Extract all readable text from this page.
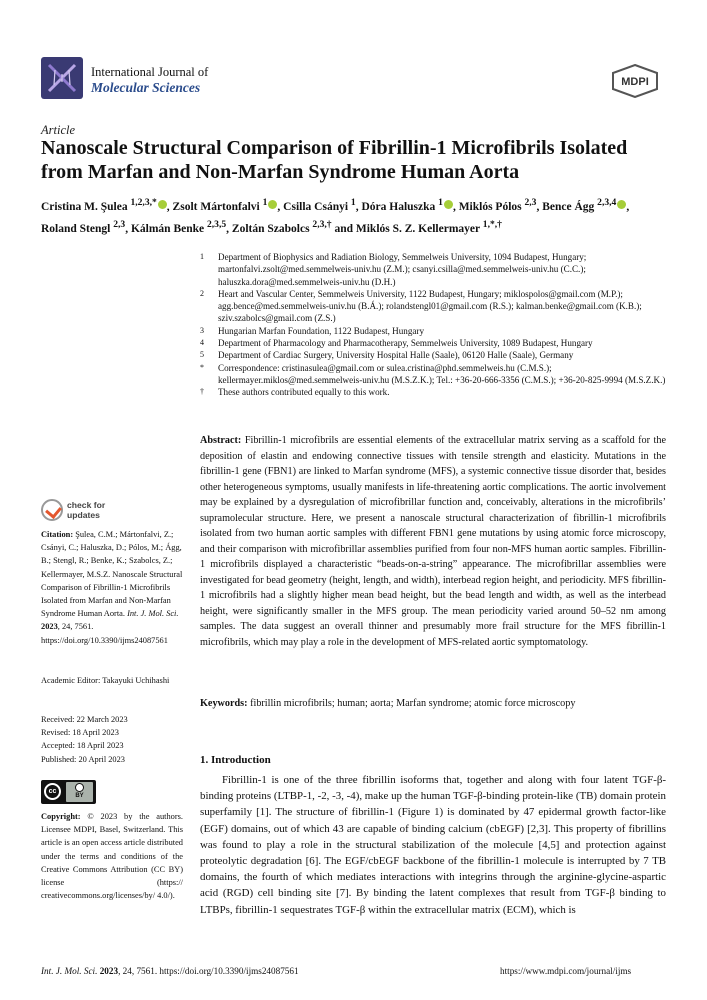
International Journal of
Molecular Sciences	MDPI
Article
Nanoscale Structural Comparison of Fibrillin-1 Microfibrils Isolated from Marfan and Non-Marfan Syndrome Human Aorta
Cristina M. Şulea $^{1,2,3,*}$ , Zsolt Mártonfalvi $^1$ , Csilla Csányi $^1$, Dóra Haluszka $^1$ , Miklós Pólos $^{2,3}$, Bence Ágg $^{2,3,4}$ , Roland Stengl $^{2,3}$, Kálmán Benke $^{2,3,5}$, Zoltán Szabolcs $^{2,3,\dagger}$ and Miklós S. Z. Kellermayer $^{1,*,\dagger}$
1 Department of Biophysics and Radiation Biology, Semmelweis University, 1094 Budapest, Hungary; martonfalvi.zsolt@med.semmelweis-univ.hu (Z.M.); csanyi.csilla@med.semmelweis-univ.hu (C.C.); haluszka.dora@med.semmelweis-univ.hu (D.H.)
2 Heart and Vascular Center, Semmelweis University, 1122 Budapest, Hungary; miklospolos@gmail.com (M.P.); agg.bence@med.semmelweis-univ.hu (B.Á.); rolandstengl01@gmail.com (R.S.); kalman.benke@gmail.com (K.B.); sziv.szabolcs@gmail.com (Z.S.)
3 Hungarian Marfan Foundation, 1122 Budapest, Hungary
4 Department of Pharmacology and Pharmacotherapy, Semmelweis University, 1089 Budapest, Hungary
5 Department of Cardiac Surgery, University Hospital Halle (Saale), 06120 Halle (Saale), Germany
* Correspondence: cristinasulea@gmail.com or sulea.cristina@phd.semmelweis.hu (C.M.S.); kellermayer.miklos@med.semmelweis-univ.hu (M.S.Z.K.); Tel.: +36-20-666-3356 (C.M.S.); +36-20-825-9994 (M.S.Z.K.)
† These authors contributed equally to this work.
Abstract: Fibrillin-1 microfibrils are essential elements of the extracellular matrix serving as a scaffold for the deposition of elastin and endowing connective tissues with tensile strength and elasticity. Mutations in the fibrillin-1 gene (FBN1) are linked to Marfan syndrome (MFS), a systemic connective tissue disorder that, besides other heterogeneous symptoms, usually manifests in life-threatening aortic complications. The aortic involvement may be explained by a dysregulation of microfibrillar function and, conceivably, alterations in the microfibrils’ supramolecular structure. Here, we present a nanoscale structural characterization of fibrillin-1 microfibrils isolated from two human aortic samples with different FBN1 gene mutations by using atomic force microscopy, and their comparison with microfibrillar assemblies purified from four non-MFS human aortic samples. Fibrillin-1 microfibrils displayed a characteristic “beads-on-a-string” appearance. The microfibrillar assemblies were investigated for bead geometry (height, length, and width), interbead region height, and periodicity. MFS fibrillin-1 microfibrils had a slightly higher mean bead height, but the bead length and width, as well as the interbead height, were significantly smaller in the MFS group. The mean periodicity varied around 50–52 nm among samples. The data suggest an overall thinner and presumably more frail structure for the MFS fibrillin-1 microfibrils, which may play a role in the development of MFS-related aortic symptomatology.
Keywords: fibrillin microfibrils; human; aorta; Marfan syndrome; atomic force microscopy
check for
updates
Citation: Şulea, C.M.; Mártonfalvi, Z.; Csányi, C.; Haluszka, D.; Pólos, M.; Ágg, B.; Stengl, R.; Benke, K.; Szabolcs, Z.; Kellermayer, M.S.Z. Nanoscale Structural Comparison of Fibrillin-1 Microfibrils Isolated from Marfan and Non-Marfan Syndrome Human Aorta. Int. J. Mol. Sci. 2023, 24, 7561. https://doi.org/10.3390/ijms24087561
Academic Editor: Takayuki Uchihashi
Received: 22 March 2023
Revised: 18 April 2023
Accepted: 18 April 2023
Published: 20 April 2023
cc
BY
Copyright: © 2023 by the authors. Licensee MDPI, Basel, Switzerland. This article is an open access article distributed under the terms and conditions of the Creative Commons Attribution (CC BY) license (https:// creativecommons.org/licenses/by/ 4.0/).
1. Introduction
Fibrillin-1 is one of the three fibrillin isoforms that, together and along with four latent TGF-β-binding proteins (LTBP-1, -2, -3, -4), make up the human TGF-β-binding protein-like (TB) domain protein superfamily [1]. The structure of fibrillin-1 (Figure 1) is dominated by 47 epidermal growth factor-like (EGF) domains, out of which 43 are capable of binding calcium (cbEGF) [2,3]. This property of fibrillins was found to play a role in the structural stabilization of the molecule [4,5] and protection against proteolytic degradation [6]. The EGF/cbEGF backbone of the fibrillin-1 molecule is interrupted by 7 TB domains, the fourth of which mediates interactions with integrins through the arginine-glycine-aspartic acid (RGD) cell binding site [7]. By binding the latent complexes that result from TGF-β binding to LTBPs, fibrillin-1 sequestrates TGF-β within the extracellular matrix (ECM), which is
Int. J. Mol. Sci. 2023, 24, 7561. https://doi.org/10.3390/ijms24087561	https://www.mdpi.com/journal/ijms
